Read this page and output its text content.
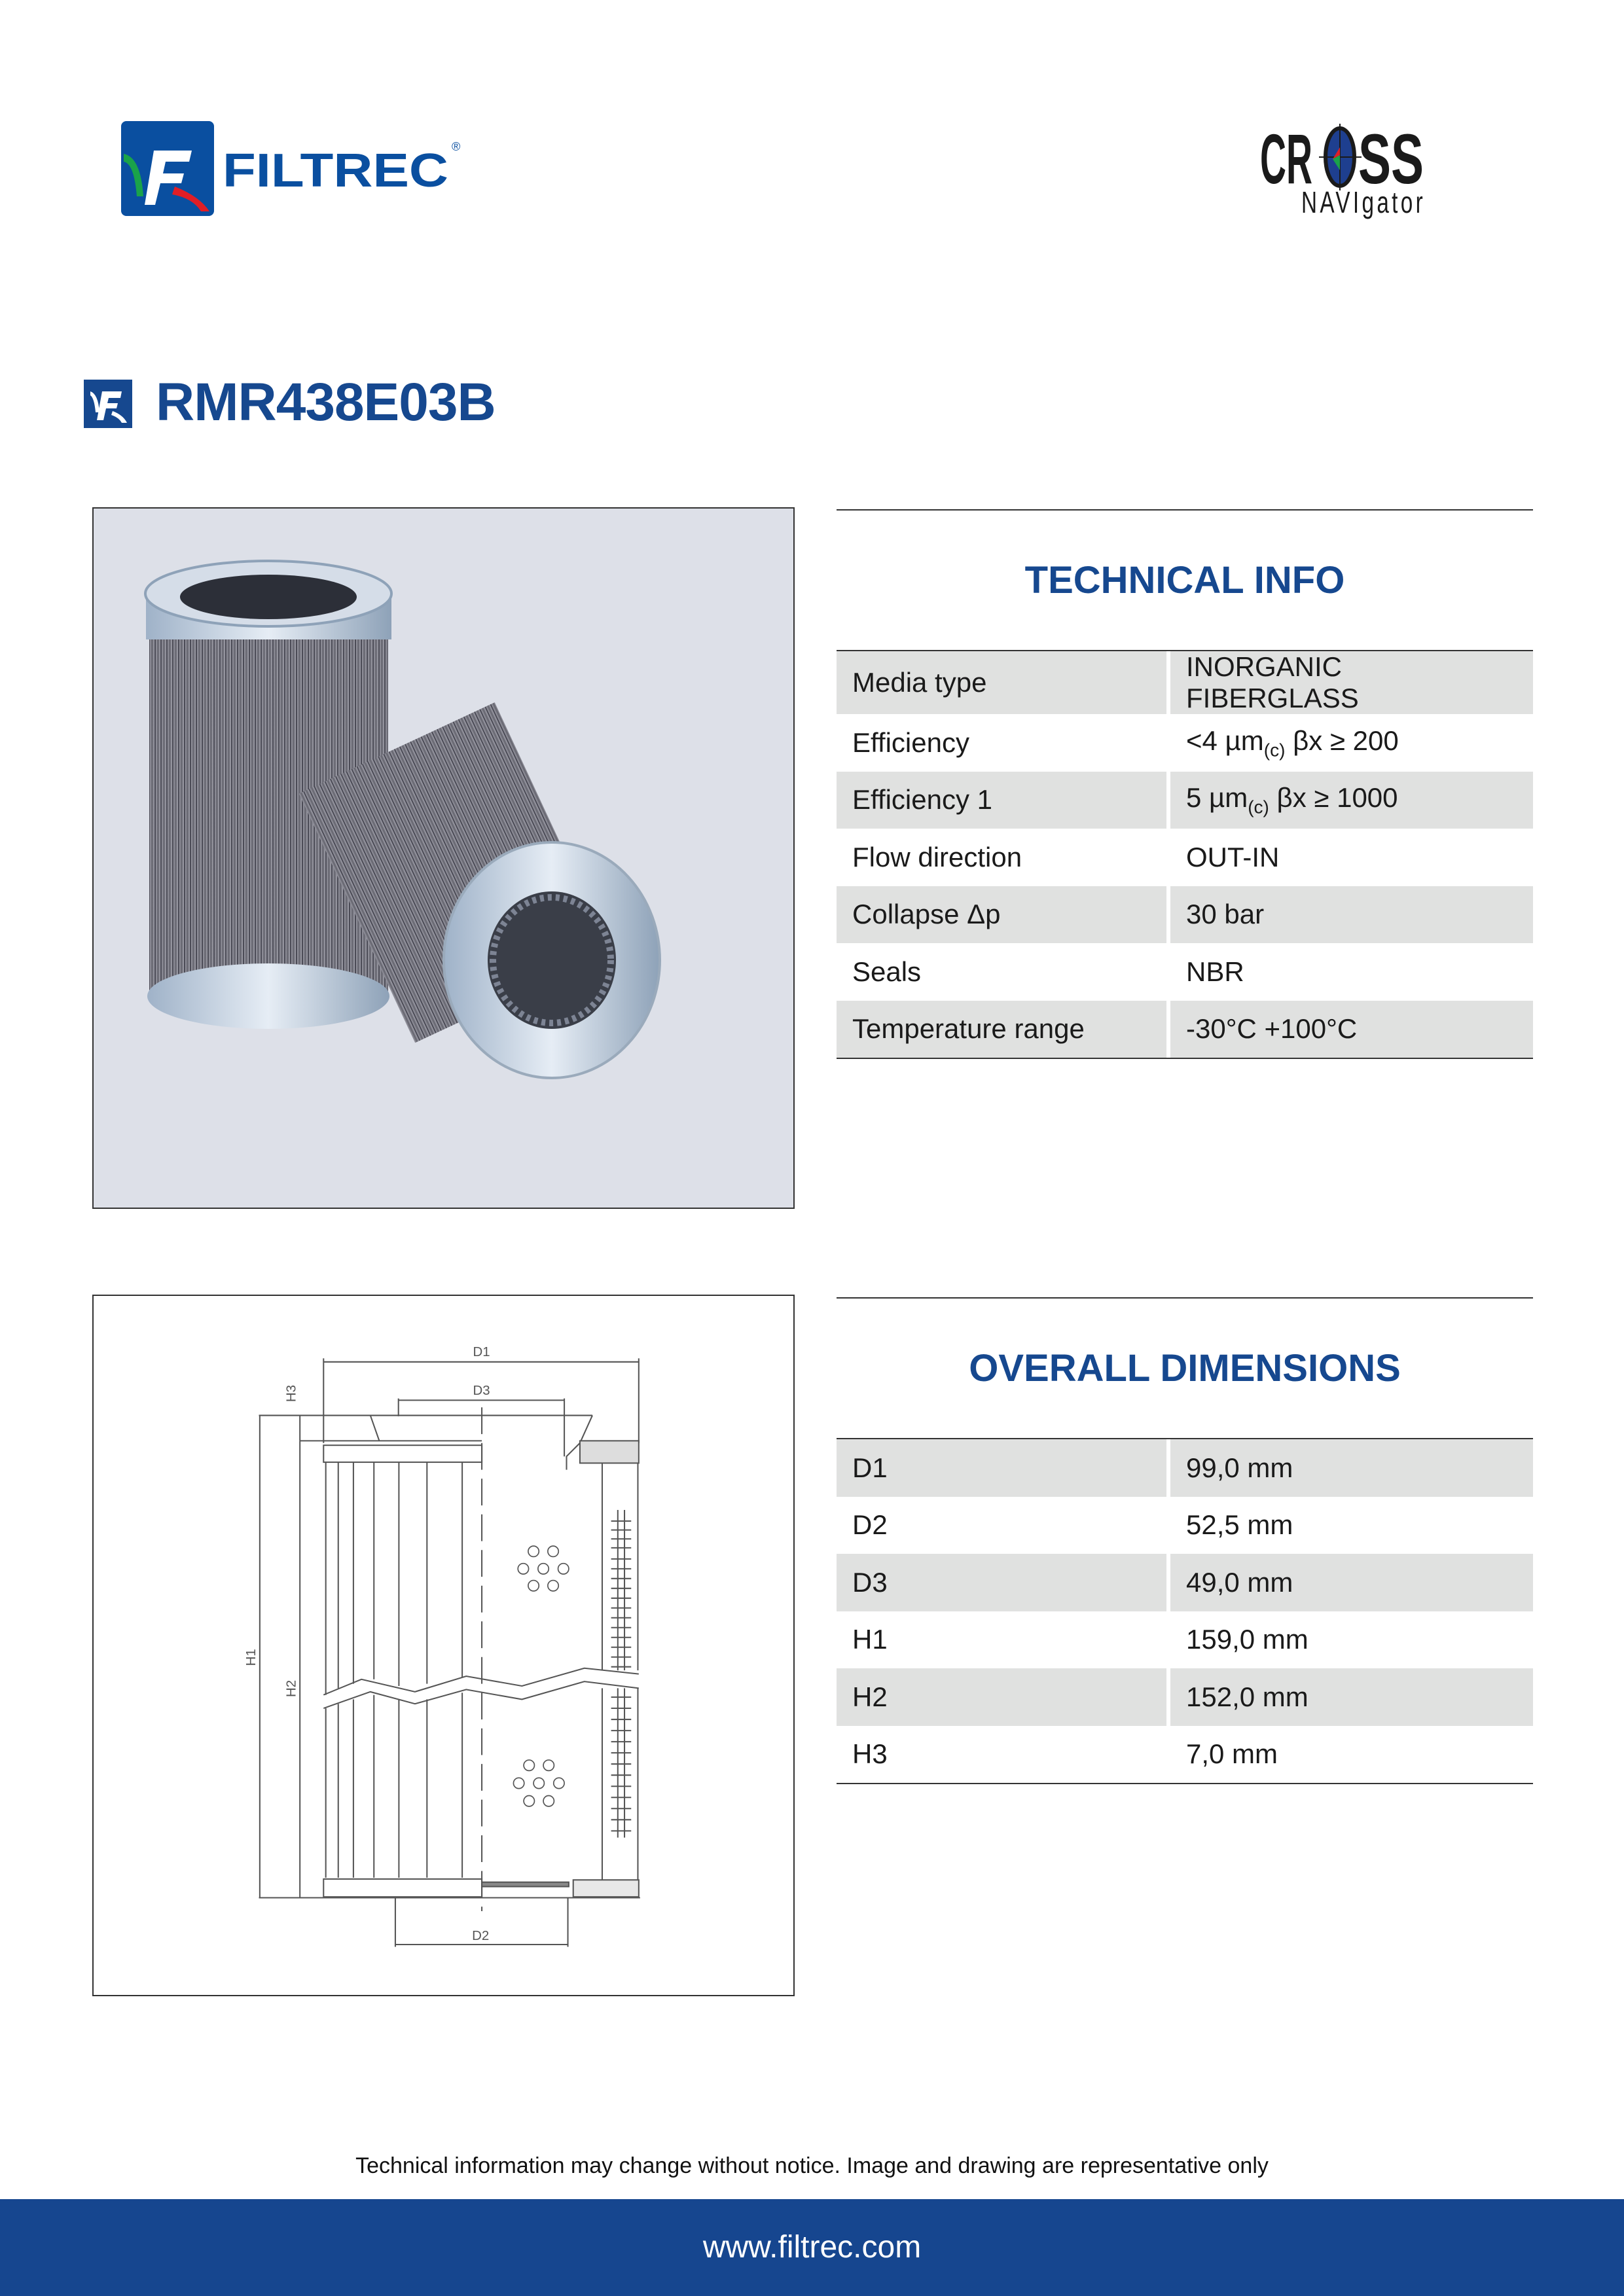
FILTREC ®	CR SS
NAVIgator
RMR438E03B
TECHNICAL INFO
Media type	INORGANIC FIBERGLASS
Efficiency	<4 µm$_{(c)}$ βx ≥ 200
Efficiency 1	5 µm$_{(c)}$ βx ≥ 1000
Flow direction	OUT-IN
Collapse Δp	30 bar
Seals	NBR
Temperature range	-30°C +100°C
D1
D3
H3
H1
H2
D2
OVERALL DIMENSIONS
D1	99,0 mm
D2	52,5 mm
D3	49,0 mm
H1	159,0 mm
H2	152,0 mm
H3	7,0 mm
Technical information may change without notice. Image and drawing are representative only
www.filtrec.com
